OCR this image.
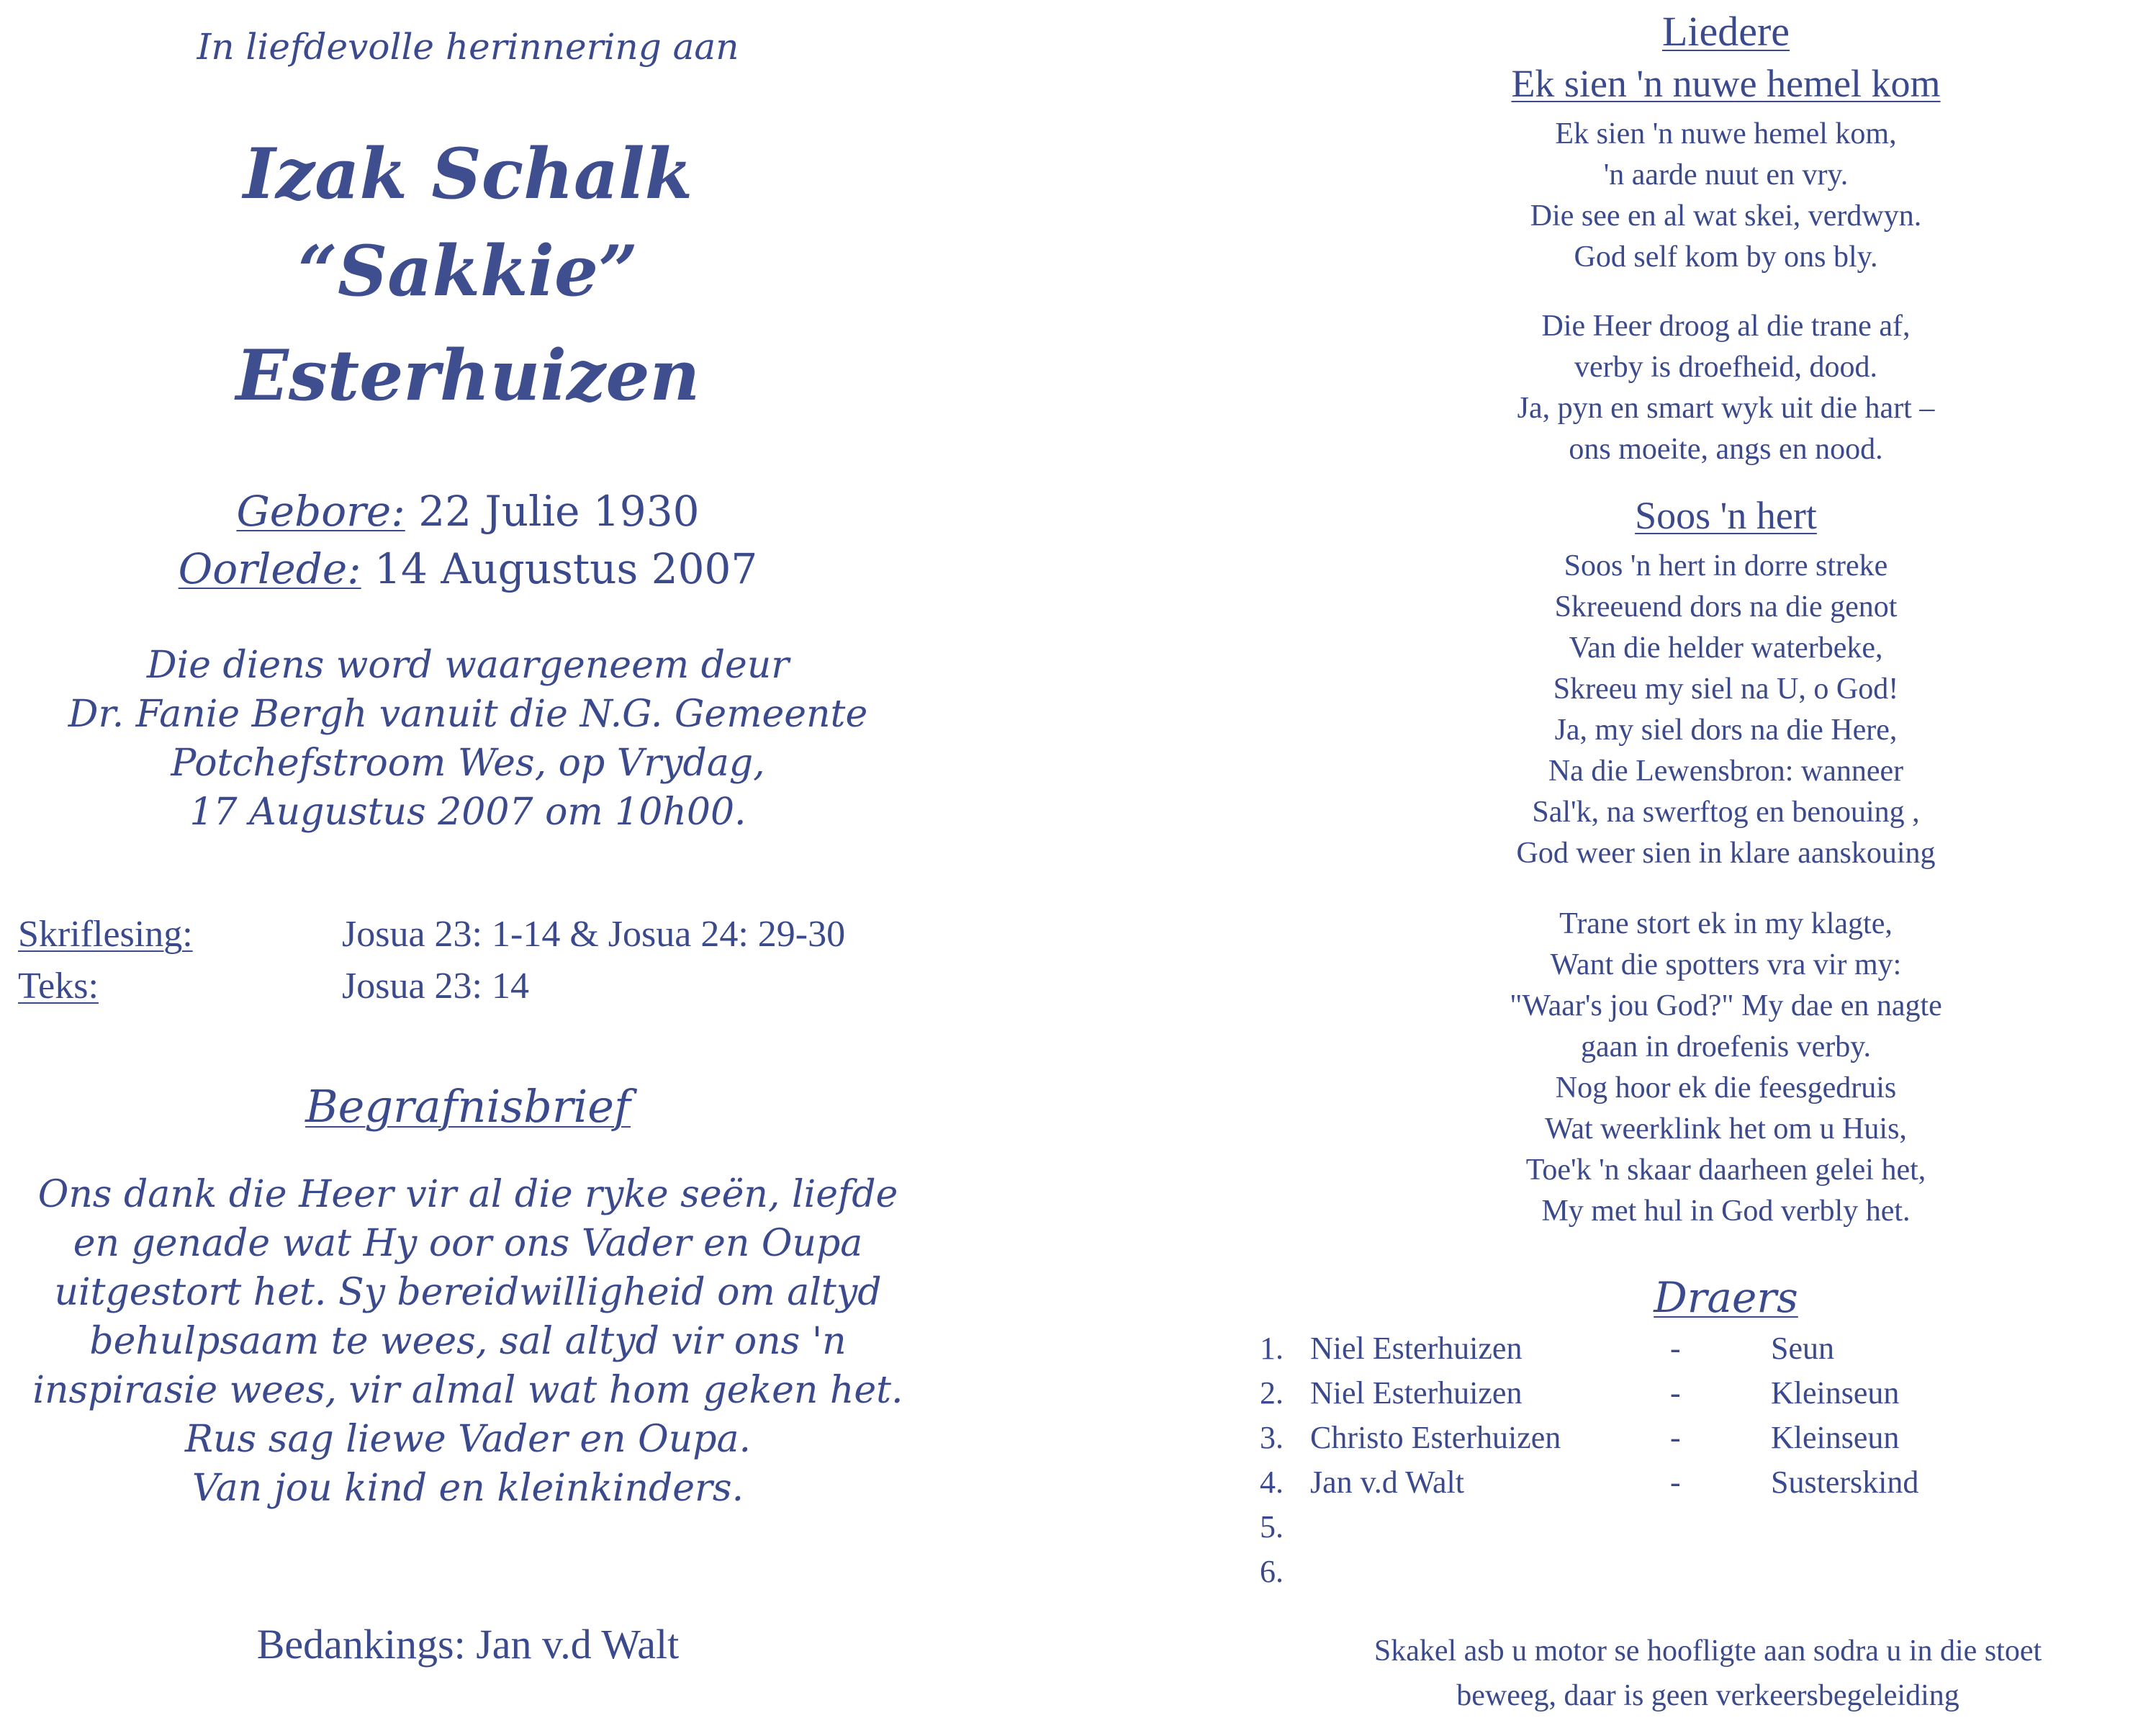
In liefdevolle herinnering aan
Izak Schalk
“Sakkie”
Esterhuizen
Gebore: 22 Julie 1930
Oorlede: 14 Augustus 2007
Die diens word waargeneem deur
Dr. Fanie Bergh vanuit die N.G. Gemeente
Potchefstroom Wes, op Vrydag,
17 Augustus 2007 om 10h00.
Skriflesing:	Josua 23: 1-14 & Josua 24: 29-30
Teks:	Josua 23: 14
Begrafnisbrief
Ons dank die Heer vir al die ryke seën, liefde
en genade wat Hy oor ons Vader en Oupa
uitgestort het. Sy bereidwilligheid om altyd
behulpsaam te wees, sal altyd vir ons 'n
inspirasie wees, vir almal wat hom geken het.
Rus sag liewe Vader en Oupa.
Van jou kind en kleinkinders.
Bedankings: Jan v.d Walt
Liedere
Ek sien 'n nuwe hemel kom
Ek sien 'n nuwe hemel kom,
'n aarde nuut en vry.
Die see en al wat skei, verdwyn.
God self kom by ons bly.
Die Heer droog al die trane af,
verby is droefheid, dood.
Ja, pyn en smart wyk uit die hart –
ons moeite, angs en nood.
Soos 'n hert
Soos 'n hert in dorre streke
Skreeuend dors na die genot
Van die helder waterbeke,
Skreeu my siel na U, o God!
Ja, my siel dors na die Here,
Na die Lewensbron: wanneer
Sal'k, na swerftog en benouing ,
God weer sien in klare aanskouing
Trane stort ek in my klagte,
Want die spotters vra vir my:
"Waar's jou God?" My dae en nagte
gaan in droefenis verby.
Nog hoor ek die feesgedruis
Wat weerklink het om u Huis,
Toe'k 'n skaar daarheen gelei het,
My met hul in God verbly het.
Draers
1. Niel Esterhuizen	-	Seun
2. Niel Esterhuizen	-	Kleinseun
3. Christo Esterhuizen	-	Kleinseun
4. Jan v.d Walt	-	Susterskind
5.
6.
Skakel asb u motor se hoofligte aan sodra u in die stoet
beweeg, daar is geen verkeersbegeleiding
